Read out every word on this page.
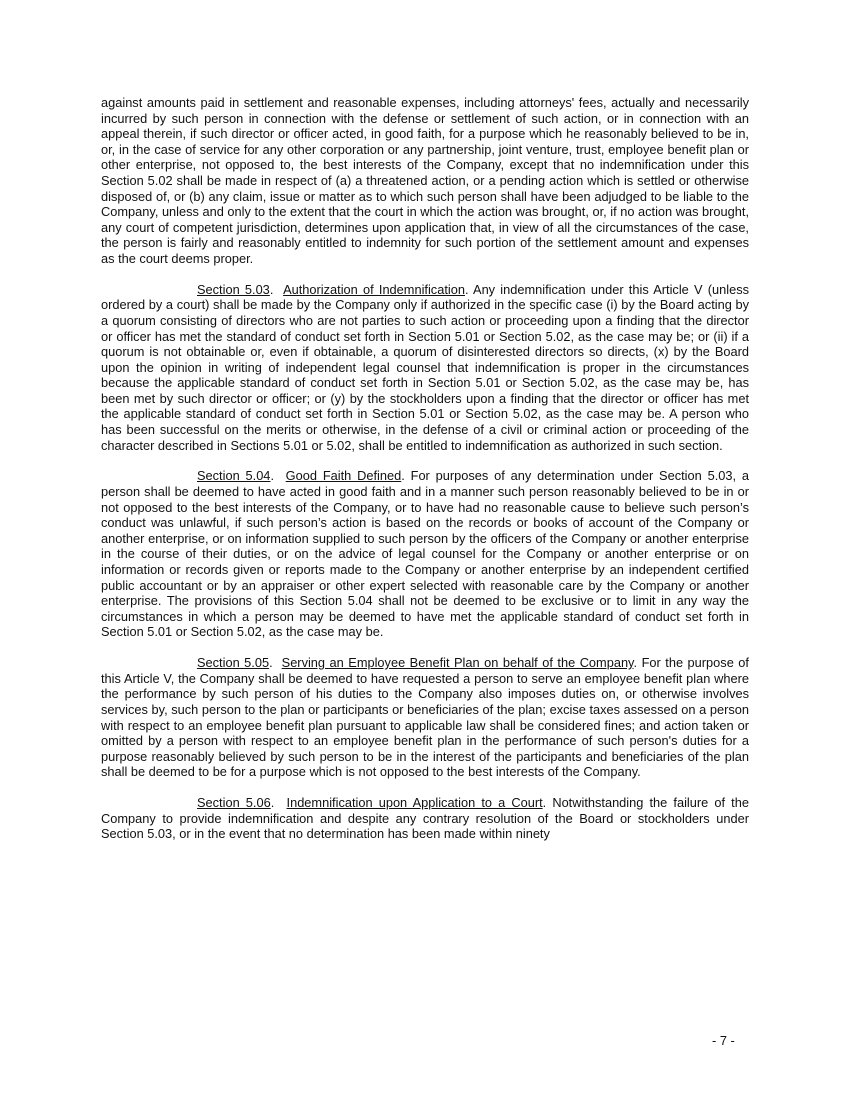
against amounts paid in settlement and reasonable expenses, including attorneys' fees, actually and necessarily incurred by such person in connection with the defense or settlement of such action, or in connection with an appeal therein, if such director or officer acted, in good faith, for a purpose which he reasonably believed to be in, or, in the case of service for any other corporation or any partnership, joint venture, trust, employee benefit plan or other enterprise, not opposed to, the best interests of the Company, except that no indemnification under this Section 5.02 shall be made in respect of (a) a threatened action, or a pending action which is settled or otherwise disposed of, or (b) any claim, issue or matter as to which such person shall have been adjudged to be liable to the Company, unless and only to the extent that the court in which the action was brought, or, if no action was brought, any court of competent jurisdiction, determines upon application that, in view of all the circumstances of the case, the person is fairly and reasonably entitled to indemnity for such portion of the settlement amount and expenses as the court deems proper.

Section 5.03.  Authorization of Indemnification. Any indemnification under this Article V (unless ordered by a court) shall be made by the Company only if authorized in the specific case (i) by the Board acting by a quorum consisting of directors who are not parties to such action or proceeding upon a finding that the director or officer has met the standard of conduct set forth in Section 5.01 or Section 5.02, as the case may be; or (ii) if a quorum is not obtainable or, even if obtainable, a quorum of disinterested directors so directs, (x) by the Board upon the opinion in writing of independent legal counsel that indemnification is proper in the circumstances because the applicable standard of conduct set forth in Section 5.01 or Section 5.02, as the case may be, has been met by such director or officer; or (y) by the stockholders upon a finding that the director or officer has met the applicable standard of conduct set forth in Section 5.01 or Section 5.02, as the case may be. A person who has been successful on the merits or otherwise, in the defense of a civil or criminal action or proceeding of the character described in Sections 5.01 or 5.02, shall be entitled to indemnification as authorized in such section.

Section 5.04.  Good Faith Defined. For purposes of any determination under Section 5.03, a person shall be deemed to have acted in good faith and in a manner such person reasonably believed to be in or not opposed to the best interests of the Company, or to have had no reasonable cause to believe such person’s conduct was unlawful, if such person’s action is based on the records or books of account of the Company or another enterprise, or on information supplied to such person by the officers of the Company or another enterprise in the course of their duties, or on the advice of legal counsel for the Company or another enterprise or on information or records given or reports made to the Company or another enterprise by an independent certified public accountant or by an appraiser or other expert selected with reasonable care by the Company or another enterprise. The provisions of this Section 5.04 shall not be deemed to be exclusive or to limit in any way the circumstances in which a person may be deemed to have met the applicable standard of conduct set forth in Section 5.01 or Section 5.02, as the case may be.

Section 5.05.  Serving an Employee Benefit Plan on behalf of the Company. For the purpose of this Article V, the Company shall be deemed to have requested a person to serve an employee benefit plan where the performance by such person of his duties to the Company also imposes duties on, or otherwise involves services by, such person to the plan or participants or beneficiaries of the plan; excise taxes assessed on a person with respect to an employee benefit plan pursuant to applicable law shall be considered fines; and action taken or omitted by a person with respect to an employee benefit plan in the performance of such person's duties for a purpose reasonably believed by such person to be in the interest of the participants and beneficiaries of the plan shall be deemed to be for a purpose which is not opposed to the best interests of the Company.

Section 5.06.  Indemnification upon Application to a Court. Notwithstanding the failure of the Company to provide indemnification and despite any contrary resolution of the Board or stockholders under Section 5.03, or in the event that no determination has been made within ninety

- 7 -
